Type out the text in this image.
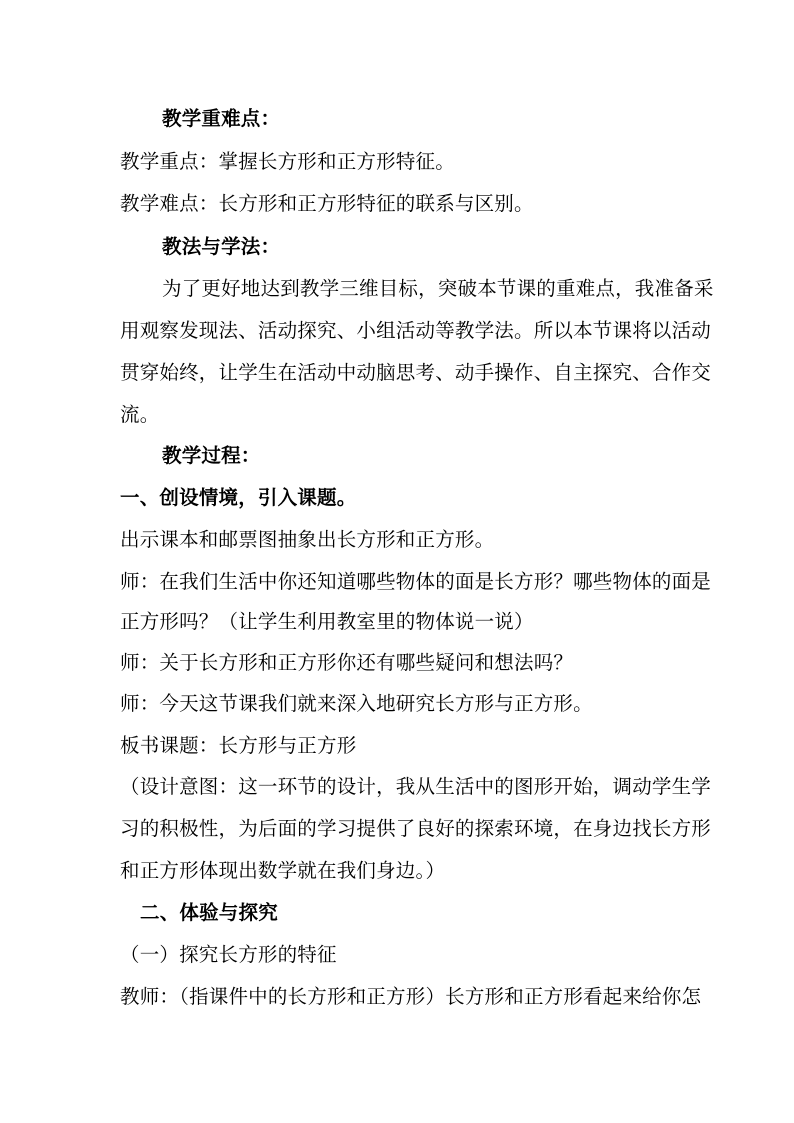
教学重难点：
教学重点：掌握长方形和正方形特征。
教学难点：长方形和正方形特征的联系与区别。
教法与学法：
为了更好地达到教学三维目标，突破本节课的重难点，我准备采
用观察发现法、活动探究、小组活动等教学法。所以本节课将以活动
贯穿始终，让学生在活动中动脑思考、动手操作、自主探究、合作交
流。
教学过程：
一、创设情境，引入课题。
出示课本和邮票图抽象出长方形和正方形。
师：在我们生活中你还知道哪些物体的面是长方形？哪些物体的面是
正方形吗？（让学生利用教室里的物体说一说）
师：关于长方形和正方形你还有哪些疑问和想法吗？
师：今天这节课我们就来深入地研究长方形与正方形。
板书课题：长方形与正方形
（设计意图：这一环节的设计，我从生活中的图形开始，调动学生学
习的积极性，为后面的学习提供了良好的探索环境，在身边找长方形
和正方形体现出数学就在我们身边。）
二、体验与探究
（一）探究长方形的特征
教师：（指课件中的长方形和正方形）长方形和正方形看起来给你怎
